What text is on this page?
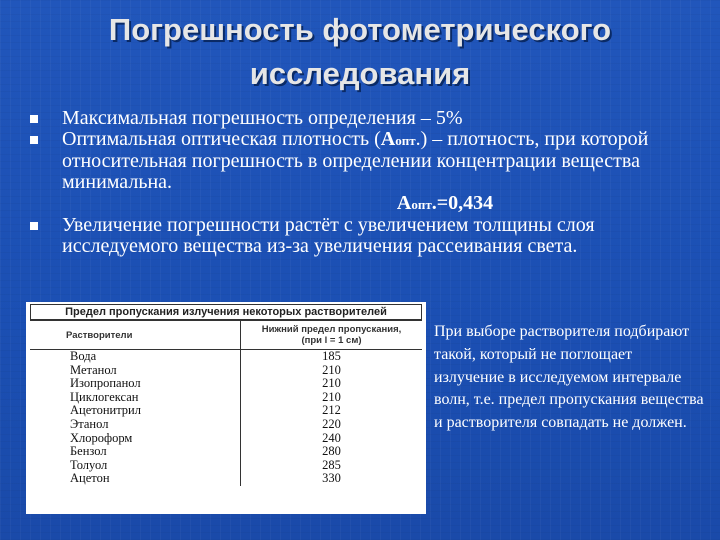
Погрешность фотометрического исследования
Максимальная погрешность определения – 5%
Оптимальная оптическая плотность (Аопт.) – плотность, при которой относительная погрешность в определении концентрации вещества минимальна.
Аопт.=0,434
Увеличение погрешности растёт с увеличением толщины слоя исследуемого вещества из-за увеличения рассеивания света.
Предел пропускания излучения некоторых растворителей
Растворители	Нижний предел пропускания,
(при l = 1 см)
Вода	185
Метанол	210
Изопропанол	210
Циклогексан	210
Ацетонитрил	212
Этанол	220
Хлороформ	240
Бензол	280
Толуол	285
Ацетон	330
При выборе растворителя подбирают такой, который не поглощает излучение в исследуемом интервале волн, т.е. предел пропускания вещества и растворителя совпадать не должен.
